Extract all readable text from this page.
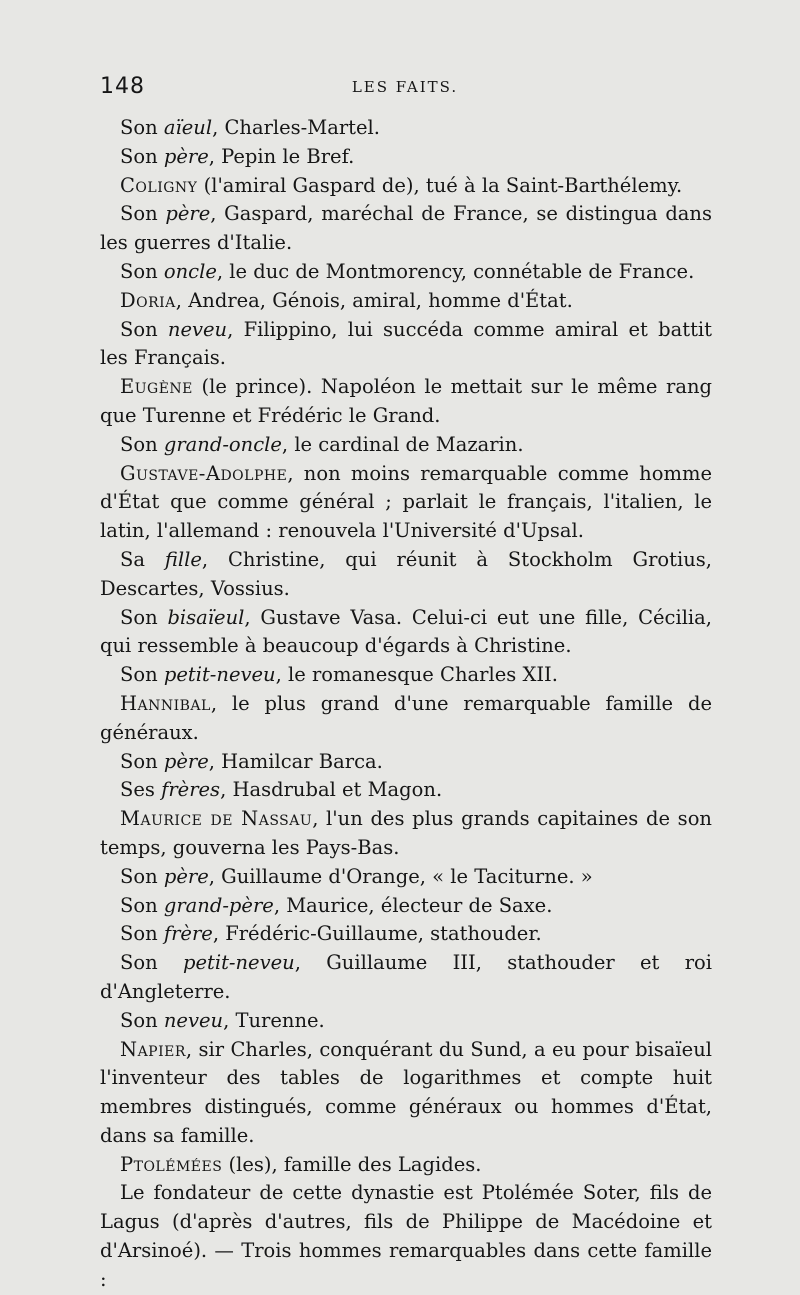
148	LES FAITS.

Son aïeul, Charles-Martel.

Son père, Pepin le Bref.

Coligny (l'amiral Gaspard de), tué à la Saint-Barthélemy.

Son père, Gaspard, maréchal de France, se distingua dans les guerres d'Italie.

Son oncle, le duc de Montmorency, connétable de France.

Doria, Andrea, Génois, amiral, homme d'État.

Son neveu, Filippino, lui succéda comme amiral et battit les Français.

Eugène (le prince). Napoléon le mettait sur le même rang que Turenne et Frédéric le Grand.

Son grand-oncle, le cardinal de Mazarin.

Gustave-Adolphe, non moins remarquable comme homme d'État que comme général ; parlait le français, l'italien, le latin, l'allemand : renouvela l'Université d'Upsal.

Sa fille, Christine, qui réunit à Stockholm Grotius, Descartes, Vossius.

Son bisaïeul, Gustave Vasa. Celui-ci eut une fille, Cécilia, qui ressemble à beaucoup d'égards à Christine.

Son petit-neveu, le romanesque Charles XII.

Hannibal, le plus grand d'une remarquable famille de généraux.

Son père, Hamilcar Barca.

Ses frères, Hasdrubal et Magon.

Maurice de Nassau, l'un des plus grands capitaines de son temps, gouverna les Pays-Bas.

Son père, Guillaume d'Orange, « le Taciturne. »

Son grand-père, Maurice, électeur de Saxe.

Son frère, Frédéric-Guillaume, stathouder.

Son petit-neveu, Guillaume III, stathouder et roi d'Angleterre.

Son neveu, Turenne.

Napier, sir Charles, conquérant du Sund, a eu pour bisaïeul l'inventeur des tables de logarithmes et compte huit membres distingués, comme généraux ou hommes d'État, dans sa famille.

Ptolémées (les), famille des Lagides.

Le fondateur de cette dynastie est Ptolémée Soter, fils de Lagus (d'après d'autres, fils de Philippe de Macédoine et d'Arsinoé). — Trois hommes remarquables dans cette famille :
